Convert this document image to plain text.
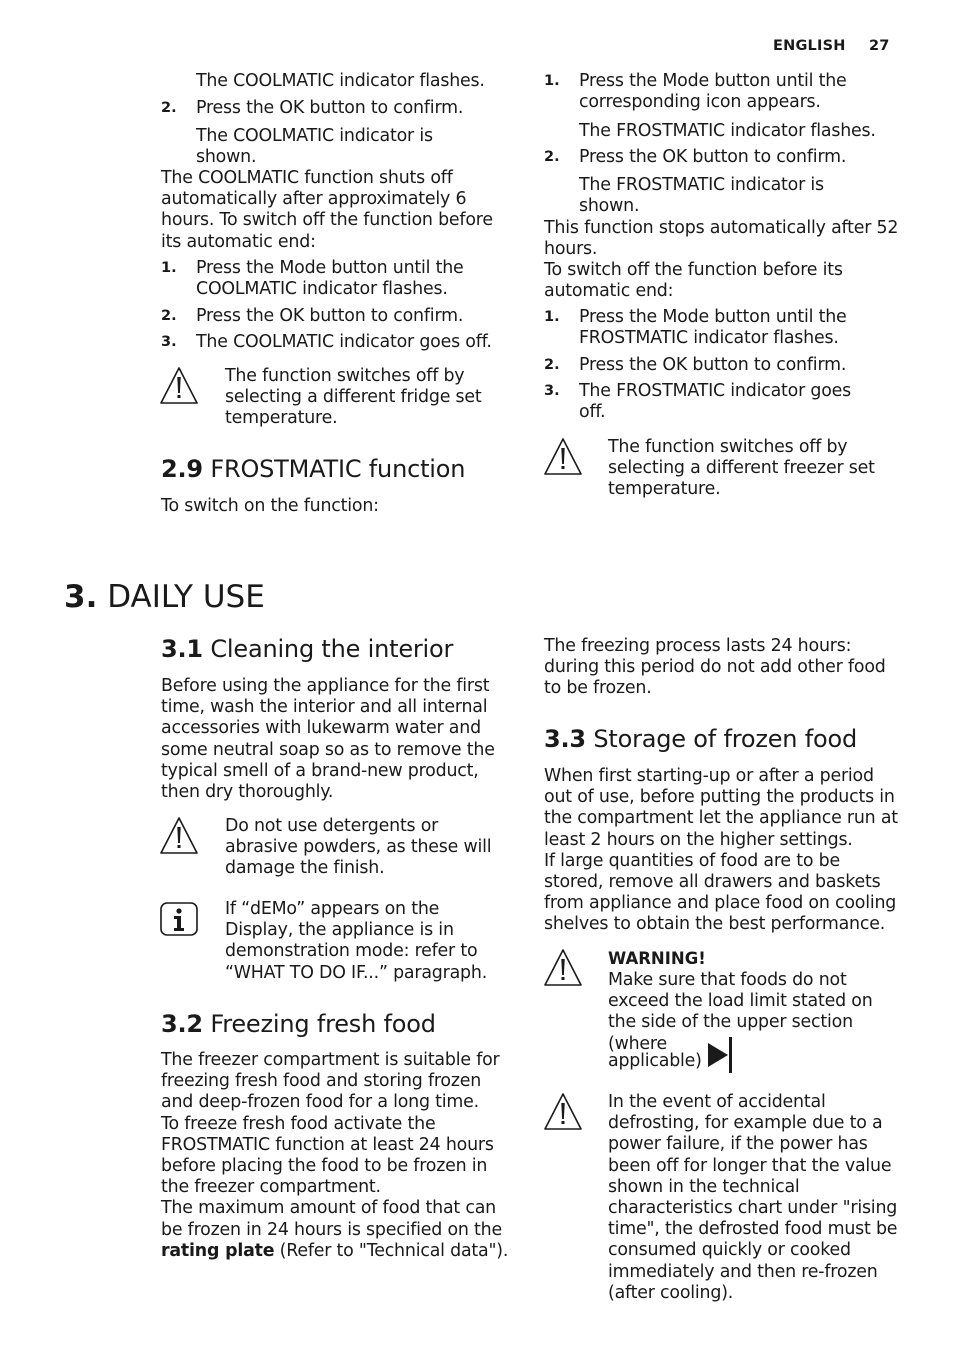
ENGLISH 27
The COOLMATIC indicator flashes.
2. Press the OK button to confirm.
The COOLMATIC indicator is shown.
The COOLMATIC function shuts off automatically after approximately 6 hours. To switch off the function before its automatic end:
1. Press the Mode button until the COOLMATIC indicator flashes.
2. Press the OK button to confirm.
3. The COOLMATIC indicator goes off.
The function switches off by selecting a different fridge set temperature.
2.9 FROSTMATIC function
To switch on the function:
1. Press the Mode button until the corresponding icon appears.
The FROSTMATIC indicator flashes.
2. Press the OK button to confirm.
The FROSTMATIC indicator is shown.
This function stops automatically after 52 hours.
To switch off the function before its automatic end:
1. Press the Mode button until the FROSTMATIC indicator flashes.
2. Press the OK button to confirm.
3. The FROSTMATIC indicator goes off.
The function switches off by selecting a different freezer set temperature.
3. DAILY USE
3.1 Cleaning the interior
Before using the appliance for the first time, wash the interior and all internal accessories with lukewarm water and some neutral soap so as to remove the typical smell of a brand-new product, then dry thoroughly.
Do not use detergents or abrasive powders, as these will damage the finish.
If “dEMo” appears on the Display, the appliance is in demonstration mode: refer to “WHAT TO DO IF...” paragraph.
3.2 Freezing fresh food
The freezer compartment is suitable for freezing fresh food and storing frozen and deep-frozen food for a long time.
To freeze fresh food activate the FROSTMATIC function at least 24 hours before placing the food to be frozen in the freezer compartment.
The maximum amount of food that can be frozen in 24 hours is specified on the rating plate (Refer to "Technical data").
The freezing process lasts 24 hours: during this period do not add other food to be frozen.
3.3 Storage of frozen food
When first starting-up or after a period out of use, before putting the products in the compartment let the appliance run at least 2 hours on the higher settings.
If large quantities of food are to be stored, remove all drawers and baskets from appliance and place food on cooling shelves to obtain the best performance.
WARNING!
Make sure that foods do not exceed the load limit stated on the side of the upper section (where
applicable)
In the event of accidental defrosting, for example due to a power failure, if the power has been off for longer that the value shown in the technical characteristics chart under "rising time", the defrosted food must be consumed quickly or cooked immediately and then re-frozen (after cooling).
